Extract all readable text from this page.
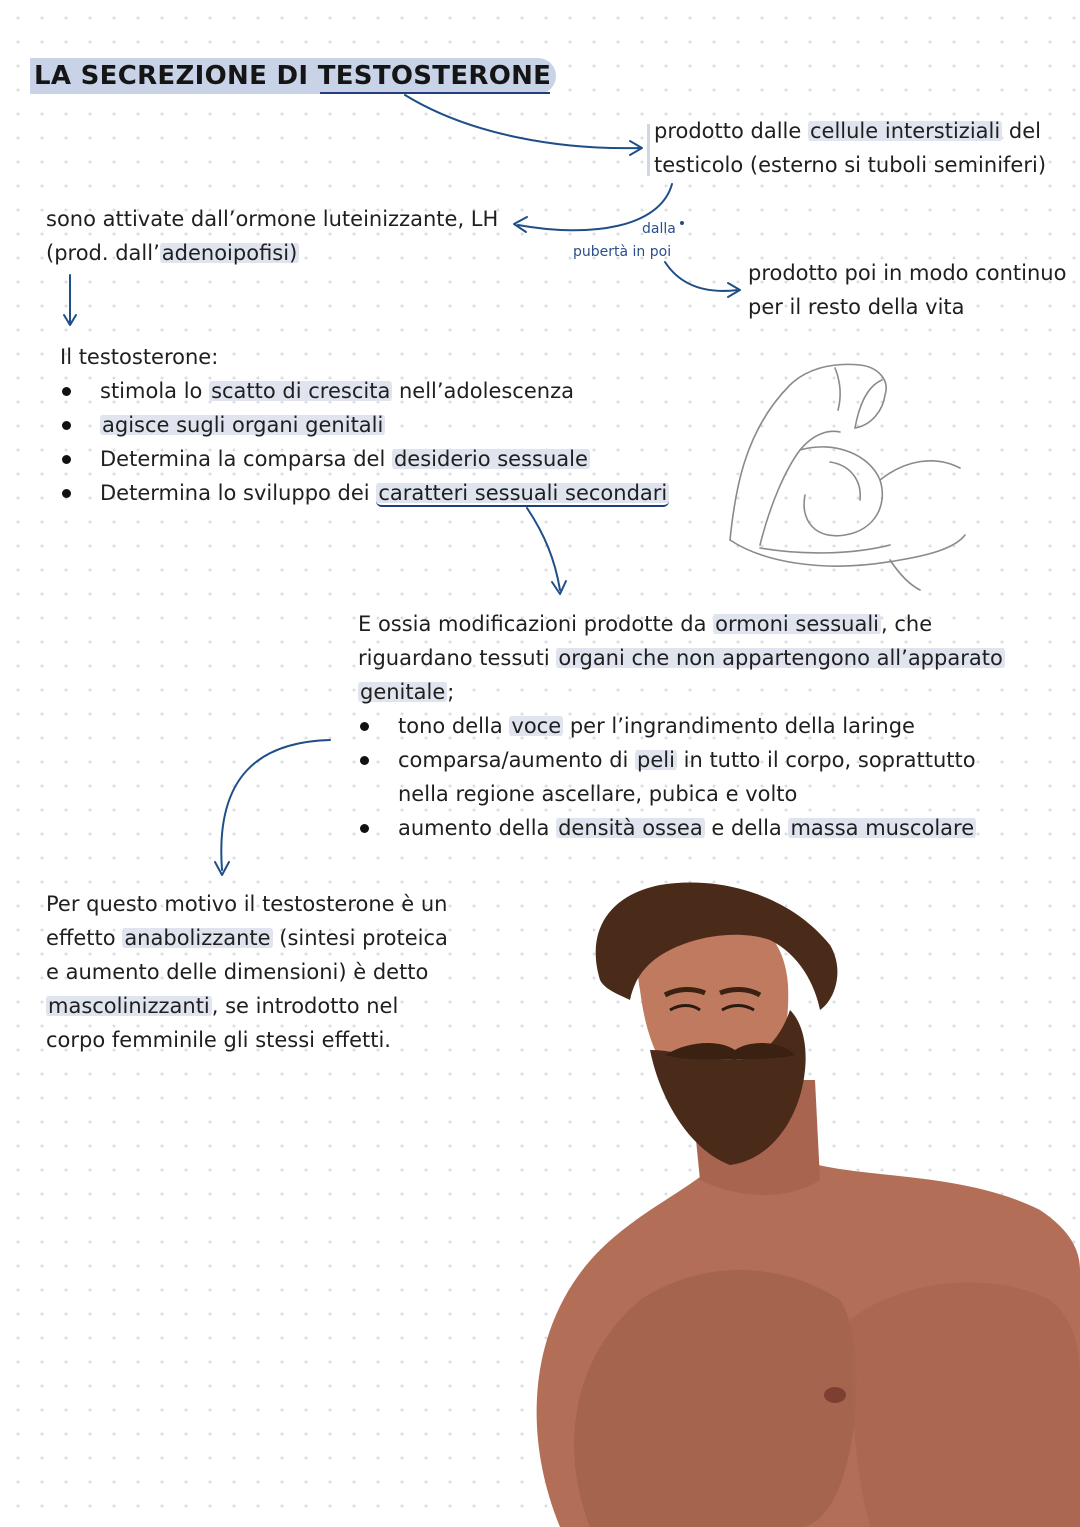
LA SECREZIONE DI TESTOSTERONE
prodotto dalle cellule interstiziali del
testicolo (esterno si tuboli seminiferi)
sono attivate dall’ormone luteinizzante, LH
(prod. dall’adenoipofisi)
dalla
pubertà in poi
prodotto poi in modo continuo
per il resto della vita
Il testosterone:
stimola lo scatto di crescita nell’adolescenza
agisce sugli organi genitali
Determina la comparsa del desiderio sessuale
Determina lo sviluppo dei caratteri sessuali secondari
E ossia modificazioni prodotte da ormoni sessuali, che
riguardano tessuti organi che non appartengono all’apparato
genitale;
tono della voce per l’ingrandimento della laringe
comparsa/aumento di peli in tutto il corpo, soprattutto
nella regione ascellare, pubica e volto
aumento della densità ossea e della massa muscolare
Per questo motivo il testosterone è un
effetto anabolizzante (sintesi proteica
e aumento delle dimensioni) è detto
mascolinizzanti, se introdotto nel
corpo femminile gli stessi effetti.
